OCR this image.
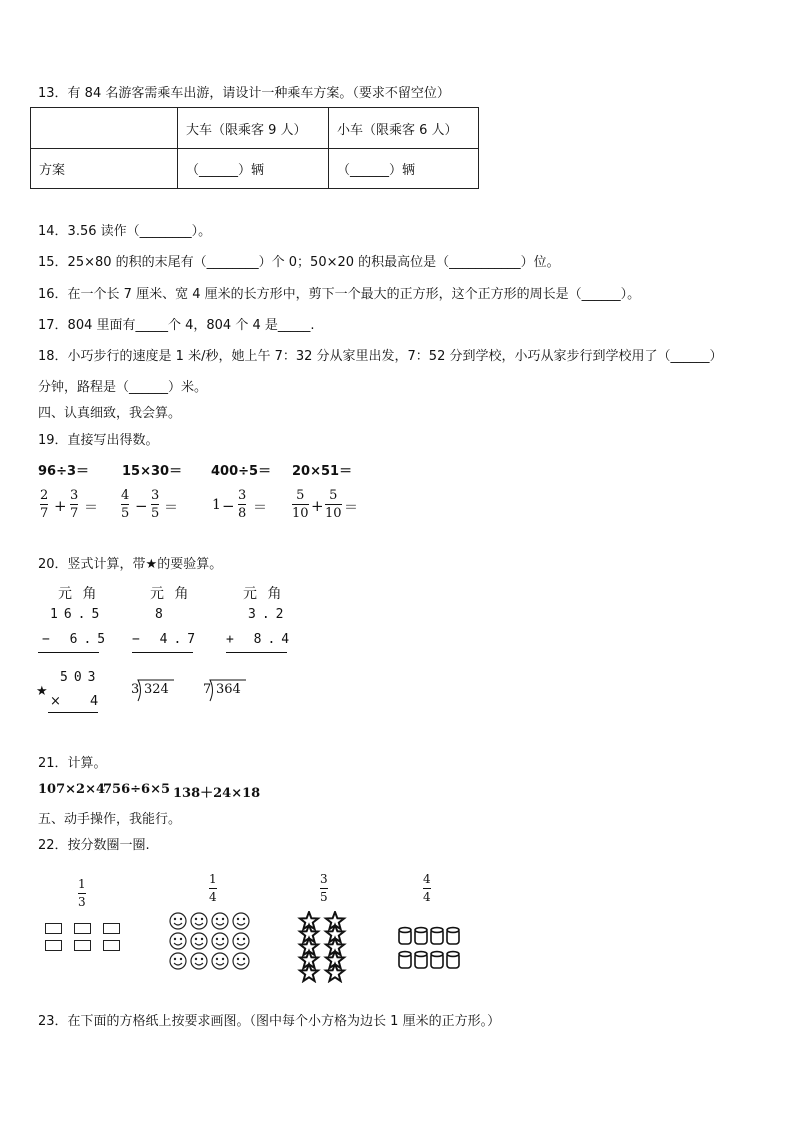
13．有 84 名游客需乘车出游，请设计一种乘车方案。（要求不留空位）
	大车（限乘客 9 人）	小车（限乘客 6 人）
方案	（______）辆	（______）辆
14．3.56 读作（________）。
15．25×80 的积的末尾有（________）个 0；50×20 的积最高位是（___________）位。
16．在一个长 7 厘米、宽 4 厘米的长方形中，剪下一个最大的正方形，这个正方形的周长是（______）。
17．804 里面有_____个 4，804 个 4 是_____.
18．小巧步行的速度是 1 米/秒，她上午 7：32 分从家里出发，7：52 分到学校，小巧从家步行到学校用了（______）
分钟，路程是（______）米。
四、认真细致，我会算。
19．直接写出得数。
96÷3＝	15×30＝ 400÷5＝ 20×51＝
2
7 +
3
7 ＝
4
5 −
3
5 ＝ 1 −
3
8 ＝
5
10 +
5
10 ＝
20．竖式计算，带★的要验算。
元 角
16.5
− 6.5
元 角
8
− 4.7
元 角
3.2
+ 8.4
★
503
× 4
3 324	7 364
21．计算。
107×2×4
756÷6×5 138＋24×18
五、动手操作，我能行。
22．按分数圈一圈.
1
3
1
4
3
5
4
4
23．在下面的方格纸上按要求画图。（图中每个小方格为边长 1 厘米的正方形。）
